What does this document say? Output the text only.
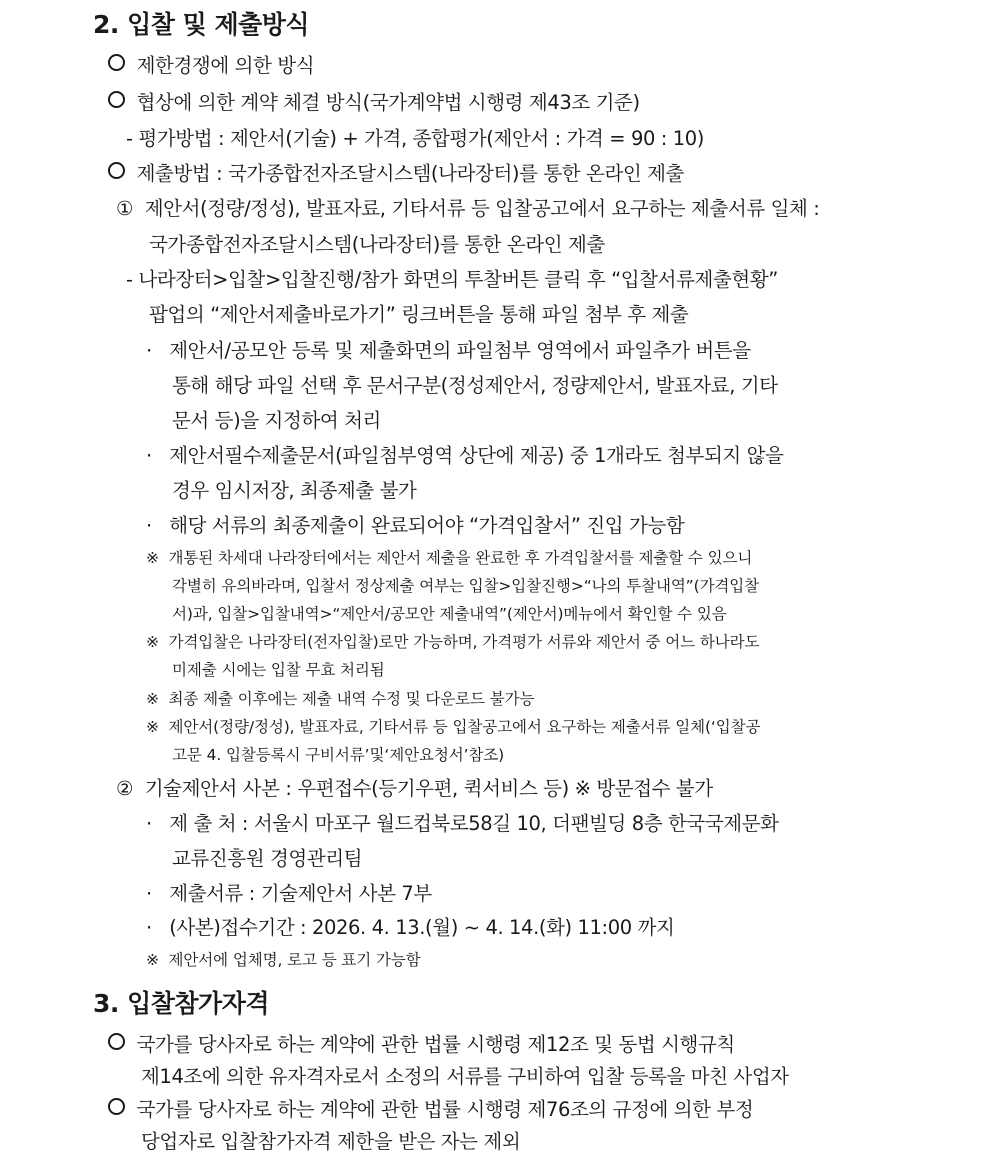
2. 입찰 및 제출방식
제한경쟁에 의한 방식
협상에 의한 계약 체결 방식(국가계약법 시행령 제43조 기준)
- 평가방법 : 제안서(기술) + 가격, 종합평가(제안서 : 가격 = 90 : 10)
제출방법 : 국가종합전자조달시스템(나라장터)를 통한 온라인 제출
① 제안서(정량/정성), 발표자료, 기타서류 등 입찰공고에서 요구하는 제출서류 일체 :
국가종합전자조달시스템(나라장터)를 통한 온라인 제출
- 나라장터>입찰>입찰진행/참가 화면의 투찰버튼 클릭 후 “입찰서류제출현황”
팝업의 “제안서제출바로가기” 링크버튼을 통해 파일 첨부 후 제출
· 제안서/공모안 등록 및 제출화면의 파일첨부 영역에서 파일추가 버튼을
통해 해당 파일 선택 후 문서구분(정성제안서, 정량제안서, 발표자료, 기타
문서 등)을 지정하여 처리
· 제안서필수제출문서(파일첨부영역 상단에 제공) 중 1개라도 첨부되지 않을
경우 임시저장, 최종제출 불가
· 해당 서류의 최종제출이 완료되어야 “가격입찰서” 진입 가능함
※ 개통된 차세대 나라장터에서는 제안서 제출을 완료한 후 가격입찰서를 제출할 수 있으니
각별히 유의바라며, 입찰서 정상제출 여부는 입찰>입찰진행>“나의 투찰내역”(가격입찰
서)과, 입찰>입찰내역>“제안서/공모안 제출내역”(제안서)메뉴에서 확인할 수 있음
※ 가격입찰은 나라장터(전자입찰)로만 가능하며, 가격평가 서류와 제안서 중 어느 하나라도
미제출 시에는 입찰 무효 처리됨
※ 최종 제출 이후에는 제출 내역 수정 및 다운로드 불가능
※ 제안서(정량/정성), 발표자료, 기타서류 등 입찰공고에서 요구하는 제출서류 일체(‘입찰공
고문 4. 입찰등록시 구비서류’및‘제안요청서’참조)
② 기술제안서 사본 : 우편접수(등기우편, 퀵서비스 등) ※ 방문접수 불가
· 제 출 처 : 서울시 마포구 월드컵북로58길 10, 더팬빌딩 8층 한국국제문화
교류진흥원 경영관리팀
· 제출서류 : 기술제안서 사본 7부
· (사본)접수기간 : 2026. 4. 13.(월) ~ 4. 14.(화) 11:00 까지
※ 제안서에 업체명, 로고 등 표기 가능함
3. 입찰참가자격
국가를 당사자로 하는 계약에 관한 법률 시행령 제12조 및 동법 시행규칙
제14조에 의한 유자격자로서 소정의 서류를 구비하여 입찰 등록을 마친 사업자
국가를 당사자로 하는 계약에 관한 법률 시행령 제76조의 규정에 의한 부정
당업자로 입찰참가자격 제한을 받은 자는 제외
